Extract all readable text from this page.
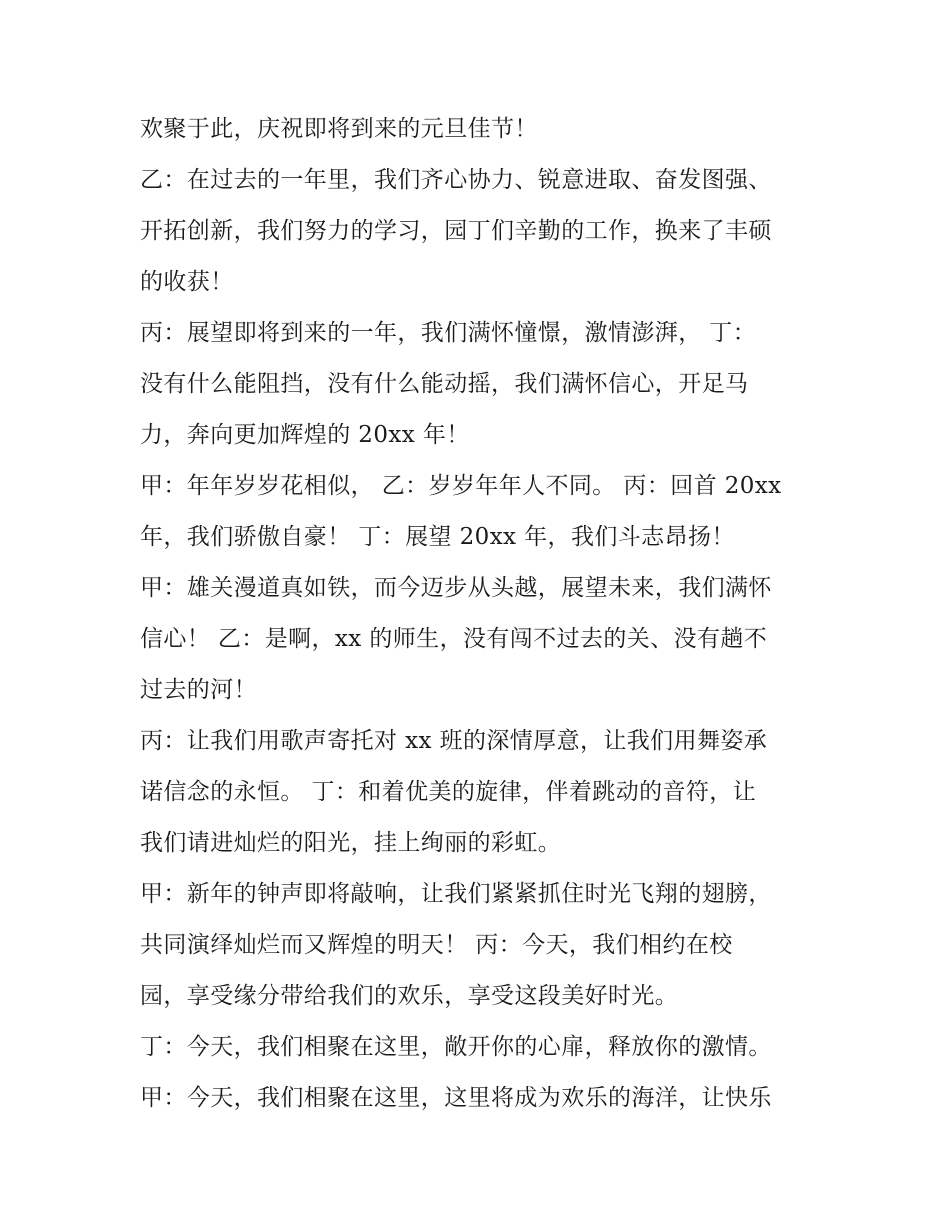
欢聚于此，庆祝即将到来的元旦佳节！
乙：在过去的一年里，我们齐心协力、锐意进取、奋发图强、
开拓创新，我们努力的学习，园丁们辛勤的工作，换来了丰硕
的收获！
丙：展望即将到来的一年，我们满怀憧憬，激情澎湃， 丁：
没有什么能阻挡，没有什么能动摇，我们满怀信心，开足马
力，奔向更加辉煌的 20xx 年！
甲：年年岁岁花相似， 乙：岁岁年年人不同。 丙：回首 20xx
年，我们骄傲自豪！ 丁：展望 20xx 年，我们斗志昂扬！
甲：雄关漫道真如铁，而今迈步从头越，展望未来，我们满怀
信心！ 乙：是啊，xx 的师生，没有闯不过去的关、没有趟不
过去的河！
丙：让我们用歌声寄托对 xx 班的深情厚意，让我们用舞姿承
诺信念的永恒。 丁：和着优美的旋律，伴着跳动的音符，让
我们请进灿烂的阳光，挂上绚丽的彩虹。
甲：新年的钟声即将敲响，让我们紧紧抓住时光飞翔的翅膀，
共同演绎灿烂而又辉煌的明天！ 丙：今天，我们相约在校
园，享受缘分带给我们的欢乐，享受这段美好时光。
丁：今天，我们相聚在这里，敞开你的心扉，释放你的激情。
甲：今天，我们相聚在这里，这里将成为欢乐的海洋，让快乐
